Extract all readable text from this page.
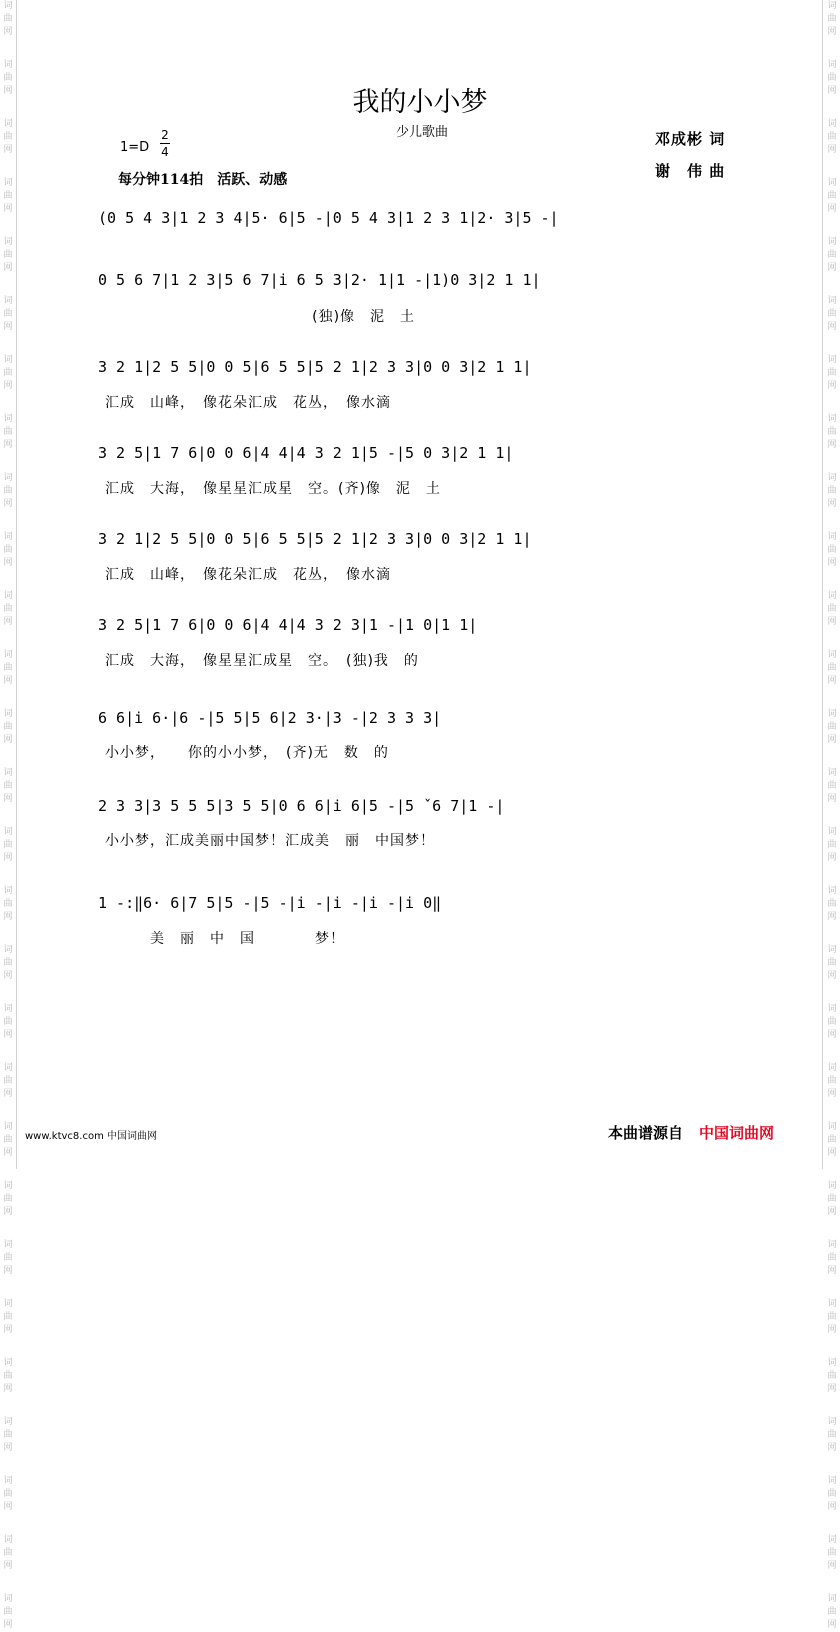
词
曲
网
词
曲
网
词
曲
网
词
曲
网
词
曲
网
词
曲
网
词
曲
网
词
曲
网
词
曲
网
词
曲
网
词
曲
网
词
曲
网
词
曲
网
词
曲
网
词
曲
网
词
曲
网
词
曲
网
词
曲
网
词
曲
网
词
曲
网
词
曲
网
词
曲
网
词
曲
网
词
曲
网
词
曲
网
词
曲
网
词
曲
网
词
曲
网
词
曲
网
词
曲
网
词
曲
网
词
曲
网
词
曲
网
词
曲
网
词
曲
网
词
曲
网
词
曲
网
词
曲
网
词
曲
网
词
曲
网
词
曲
网
词
曲
网
词
曲
网
词
曲
网
词
曲
网
词
曲
网
词
曲
网
词
曲
网
词
曲
网
词
曲
网
词
曲
网
词
曲
网
词
曲
网
词
曲
网
词
曲
网
词
曲
网
我的小小梦
少儿歌曲
1=D
2
4
每分钟114拍　活跃、动感
邓成彬 词
谢　伟 曲
(0 5 4 3|1 2 3 4|5· 6|5 -|0 5 4 3|1 2 3 1|2· 3|5 -|
0 5 6 7|1 2 3|5 6 7|i 6 5 3|2· 1|1 -|1)0 3|2 1 1|
(独)像　泥　土
3 2 1|2 5 5|0 0 5|6 5 5|5 2 1|2 3 3|0 0 3|2 1 1|
汇成　山峰，　像花朵汇成　花丛，　像水滴
3 2 5|1 7 6|0 0 6|4 4|4 3 2 1|5 -|5 0 3|2 1 1|
汇成　大海，　像星星汇成星　空。(齐)像　泥　土
3 2 1|2 5 5|0 0 5|6 5 5|5 2 1|2 3 3|0 0 3|2 1 1|
汇成　山峰，　像花朵汇成　花丛，　像水滴
3 2 5|1 7 6|0 0 6|4 4|4 3 2 3|1 -|1 0|1 1|
汇成　大海，　像星星汇成星　空。　(独)我　的
6 6|i 6·|6 -|5 5|5 6|2 3·|3 -|2 3 3 3|
小小梦，　　你的小小梦，　(齐)无　数　的
2 3 3|3 5 5 5|3 5 5|0 6 6|i 6|5 -|5 ˇ6 7|1 -|
小小梦，汇成美丽中国梦！汇成美　丽　中国梦！
1 -:‖6· 6|7 5|5 -|5 -|i -|i -|i -|i 0‖
　　　美　丽　中　国　　　　梦！
www.ktvc8.com 中国词曲网	本曲谱源自 中国词曲网
